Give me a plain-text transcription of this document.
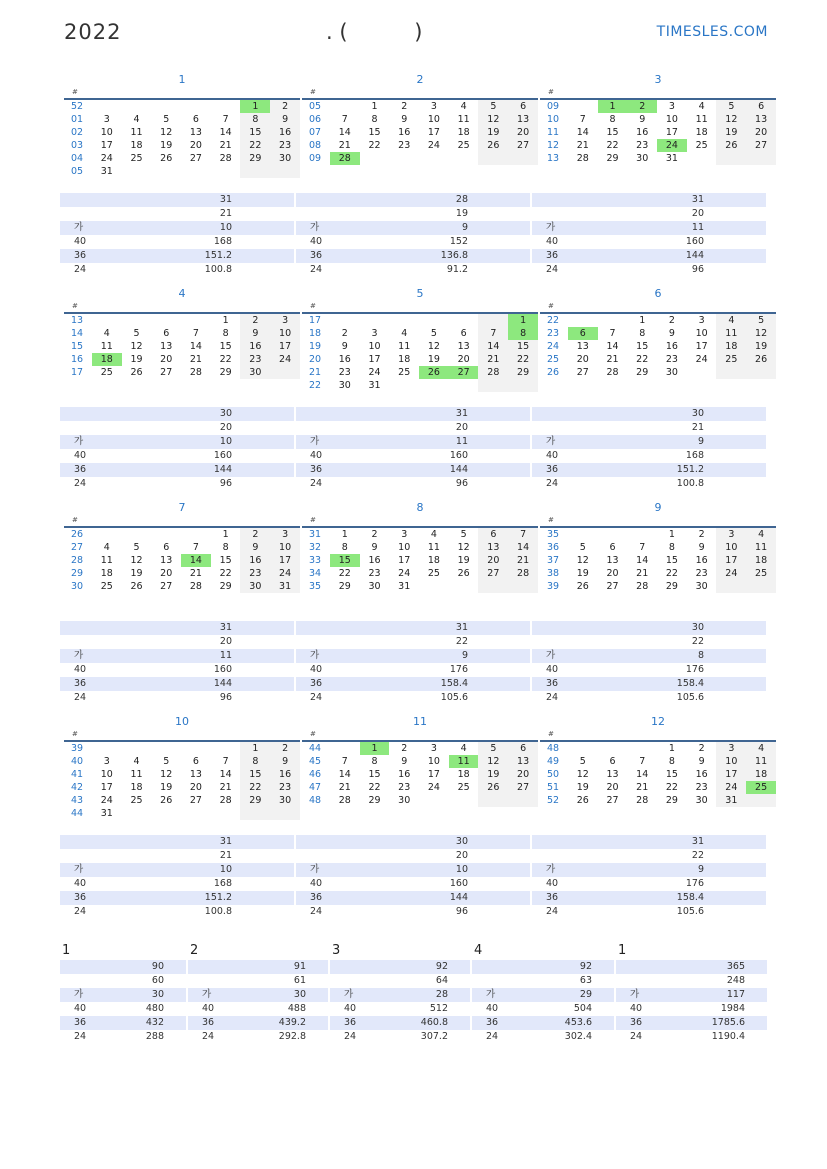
2022	. (          )	TIMESLES.COM
1
#
52						1	2
01	3	4	5	6	7	8	9
02	10	11	12	13	14	15	16
03	17	18	19	20	21	22	23
04	24	25	26	27	28	29	30
05	31						
	31
	21
가	10
40	168
36	151.2
24	100.8
2
#
05		1	2	3	4	5	6
06	7	8	9	10	11	12	13
07	14	15	16	17	18	19	20
08	21	22	23	24	25	26	27
09	28						
	28
	19
가	9
40	152
36	136.8
24	91.2
3
#
09		1	2	3	4	5	6
10	7	8	9	10	11	12	13
11	14	15	16	17	18	19	20
12	21	22	23	24	25	26	27
13	28	29	30	31			
	31
	20
가	11
40	160
36	144
24	96
4
#
13					1	2	3
14	4	5	6	7	8	9	10
15	11	12	13	14	15	16	17
16	18	19	20	21	22	23	24
17	25	26	27	28	29	30	
	30
	20
가	10
40	160
36	144
24	96
5
#
17							1
18	2	3	4	5	6	7	8
19	9	10	11	12	13	14	15
20	16	17	18	19	20	21	22
21	23	24	25	26	27	28	29
22	30	31					
	31
	20
가	11
40	160
36	144
24	96
6
#
22			1	2	3	4	5
23	6	7	8	9	10	11	12
24	13	14	15	16	17	18	19
25	20	21	22	23	24	25	26
26	27	28	29	30			
	30
	21
가	9
40	168
36	151.2
24	100.8
7
#
26					1	2	3
27	4	5	6	7	8	9	10
28	11	12	13	14	15	16	17
29	18	19	20	21	22	23	24
30	25	26	27	28	29	30	31
	31
	20
가	11
40	160
36	144
24	96
8
#
31	1	2	3	4	5	6	7
32	8	9	10	11	12	13	14
33	15	16	17	18	19	20	21
34	22	23	24	25	26	27	28
35	29	30	31				
	31
	22
가	9
40	176
36	158.4
24	105.6
9
#
35				1	2	3	4
36	5	6	7	8	9	10	11
37	12	13	14	15	16	17	18
38	19	20	21	22	23	24	25
39	26	27	28	29	30		
	30
	22
가	8
40	176
36	158.4
24	105.6
10
#
39						1	2
40	3	4	5	6	7	8	9
41	10	11	12	13	14	15	16
42	17	18	19	20	21	22	23
43	24	25	26	27	28	29	30
44	31						
	31
	21
가	10
40	168
36	151.2
24	100.8
11
#
44		1	2	3	4	5	6
45	7	8	9	10	11	12	13
46	14	15	16	17	18	19	20
47	21	22	23	24	25	26	27
48	28	29	30				
	30
	20
가	10
40	160
36	144
24	96
12
#
48				1	2	3	4
49	5	6	7	8	9	10	11
50	12	13	14	15	16	17	18
51	19	20	21	22	23	24	25
52	26	27	28	29	30	31	
	31
	22
가	9
40	176
36	158.4
24	105.6
1
	90
	60
가	30
40	480
36	432
24	288
2
	91
	61
가	30
40	488
36	439.2
24	292.8
3
	92
	64
가	28
40	512
36	460.8
24	307.2
4
	92
	63
가	29
40	504
36	453.6
24	302.4
1
	365
	248
가	117
40	1984
36	1785.6
24	1190.4
